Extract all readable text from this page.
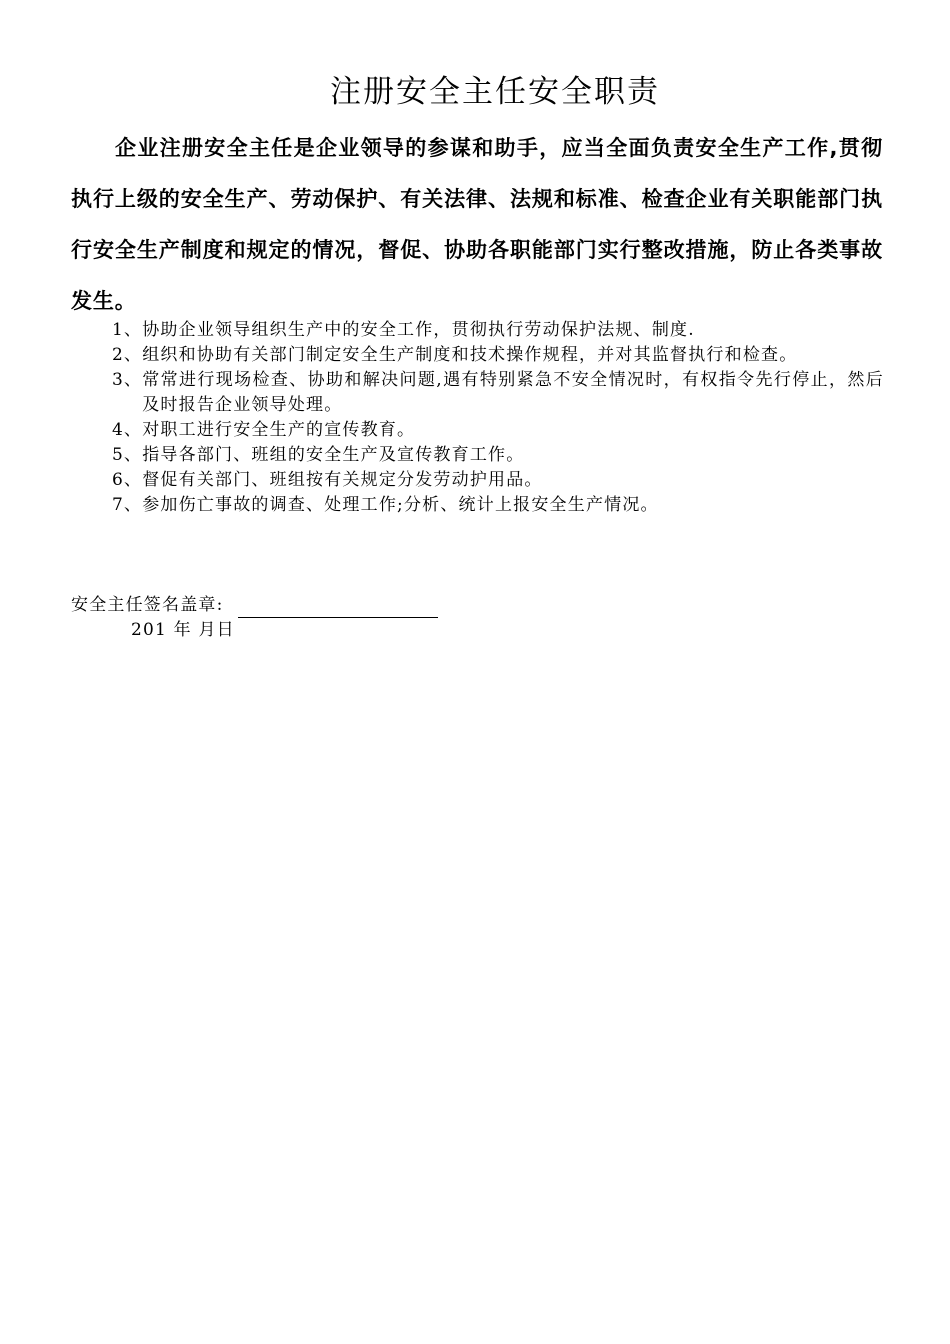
注册安全主任安全职责

企业注册安全主任是企业领导的参谋和助手，应当全面负责安全生产工作,贯彻执行上级的安全生产、劳动保护、有关法律、法规和标准、检查企业有关职能部门执行安全生产制度和规定的情况，督促、协助各职能部门实行整改措施，防止各类事故发生。

1、 协助企业领导组织生产中的安全工作，贯彻执行劳动保护法规、制度.
2、 组织和协助有关部门制定安全生产制度和技术操作规程，并对其监督执行和检查。
3、 常常进行现场检查、协助和解决问题,遇有特别紧急不安全情况时，有权指令先行停止，然后及时报告企业领导处理。
4、 对职工进行安全生产的宣传教育。
5、 指导各部门、班组的安全生产及宣传教育工作。
6、 督促有关部门、班组按有关规定分发劳动护用品。
7、 参加伤亡事故的调查、处理工作;分析、统计上报安全生产情况。
安全主任签名盖章:
201 年 月日
